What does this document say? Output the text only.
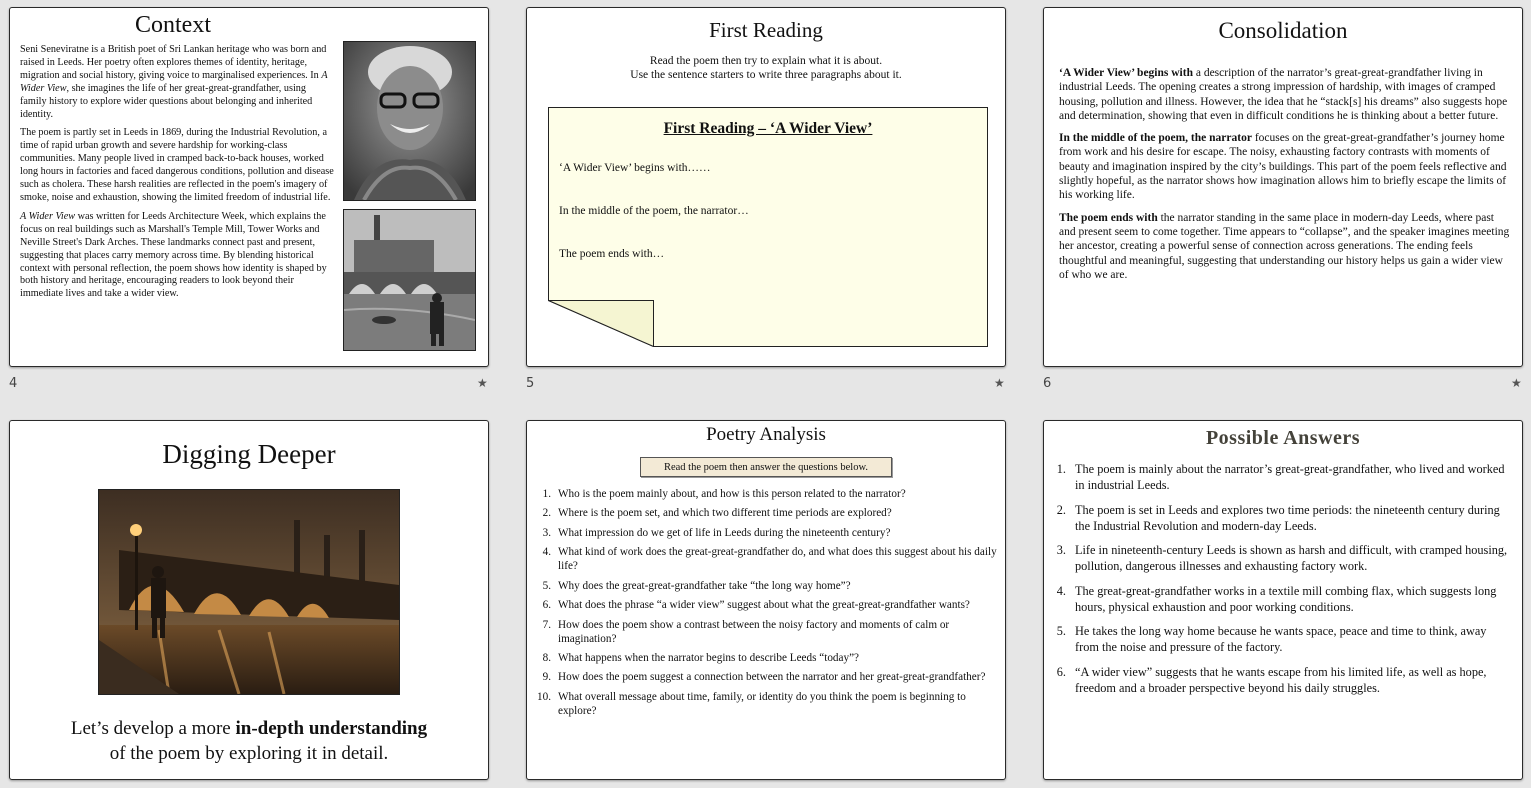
Context

Seni Seneviratne is a British poet of Sri Lankan heritage who was born and raised in Leeds. Her poetry often explores themes of identity, heritage, migration and social history, giving voice to marginalised experiences. In A Wider View, she imagines the life of her great-great-grandfather, using family history to explore wider questions about belonging and inherited identity.

The poem is partly set in Leeds in 1869, during the Industrial Revolution, a time of rapid urban growth and severe hardship for working-class communities. Many people lived in cramped back-to-back houses, worked long hours in factories and faced dangerous conditions, pollution and disease such as cholera. These harsh realities are reflected in the poem's imagery of smoke, noise and exhaustion, showing the limited freedom of industrial life.

A Wider View was written for Leeds Architecture Week, which explains the focus on real buildings such as Marshall's Temple Mill, Tower Works and Neville Street's Dark Arches. These landmarks connect past and present, suggesting that places carry memory across time. By blending historical context with personal reflection, the poem shows how identity is shaped by both history and heritage, encouraging readers to look beyond their immediate lives and take a wider view.

4	★
First Reading
Read the poem then try to explain what it is about.
Use the sentence starters to write three paragraphs about it.
First Reading – ‘A Wider View’
‘A Wider View’ begins with……
In the middle of the poem, the narrator…
The poem ends with…
5	★
Consolidation

‘A Wider View’ begins with a description of the narrator’s great-great-grandfather living in industrial Leeds. The opening creates a strong impression of hardship, with images of cramped housing, pollution and illness. However, the idea that he “stack[s] his dreams” also suggests hope and determination, showing that even in difficult conditions he is thinking about a better future.

In the middle of the poem, the narrator focuses on the great-great-grandfather’s journey home from work and his desire for escape. The noisy, exhausting factory contrasts with moments of beauty and imagination inspired by the city’s buildings. This part of the poem feels reflective and slightly hopeful, as the narrator shows how imagination allows him to briefly escape the limits of his working life.

The poem ends with the narrator standing in the same place in modern-day Leeds, where past and present seem to come together. Time appears to “collapse”, and the speaker imagines meeting her ancestor, creating a powerful sense of connection across generations. The ending feels thoughtful and meaningful, suggesting that understanding our history helps us gain a wider view of who we are.

6	★
Digging Deeper
Let’s develop a more in-depth understanding
of the poem by exploring it in detail.
Poetry Analysis
Read the poem then answer the questions below.
1. Who is the poem mainly about, and how is this person related to the narrator?
2. Where is the poem set, and which two different time periods are explored?
3. What impression do we get of life in Leeds during the nineteenth century?
4. What kind of work does the great-great-grandfather do, and what does this suggest about his daily life?
5. Why does the great-great-grandfather take “the long way home”?
6. What does the phrase “a wider view” suggest about what the great-great-grandfather wants?
7. How does the poem show a contrast between the noisy factory and moments of calm or imagination?
8. What happens when the narrator begins to describe Leeds “today”?
9. How does the poem suggest a connection between the narrator and her great-great-grandfather?
10. What overall message about time, family, or identity do you think the poem is beginning to explore?
Possible Answers
1. The poem is mainly about the narrator’s great-great-grandfather, who lived and worked in industrial Leeds.
2. The poem is set in Leeds and explores two time periods: the nineteenth century during the Industrial Revolution and modern-day Leeds.
3. Life in nineteenth-century Leeds is shown as harsh and difficult, with cramped housing, pollution, dangerous illnesses and exhausting factory work.
4. The great-great-grandfather works in a textile mill combing flax, which suggests long hours, physical exhaustion and poor working conditions.
5. He takes the long way home because he wants space, peace and time to think, away from the noise and pressure of the factory.
6. “A wider view” suggests that he wants escape from his limited life, as well as hope, freedom and a broader perspective beyond his daily struggles.
